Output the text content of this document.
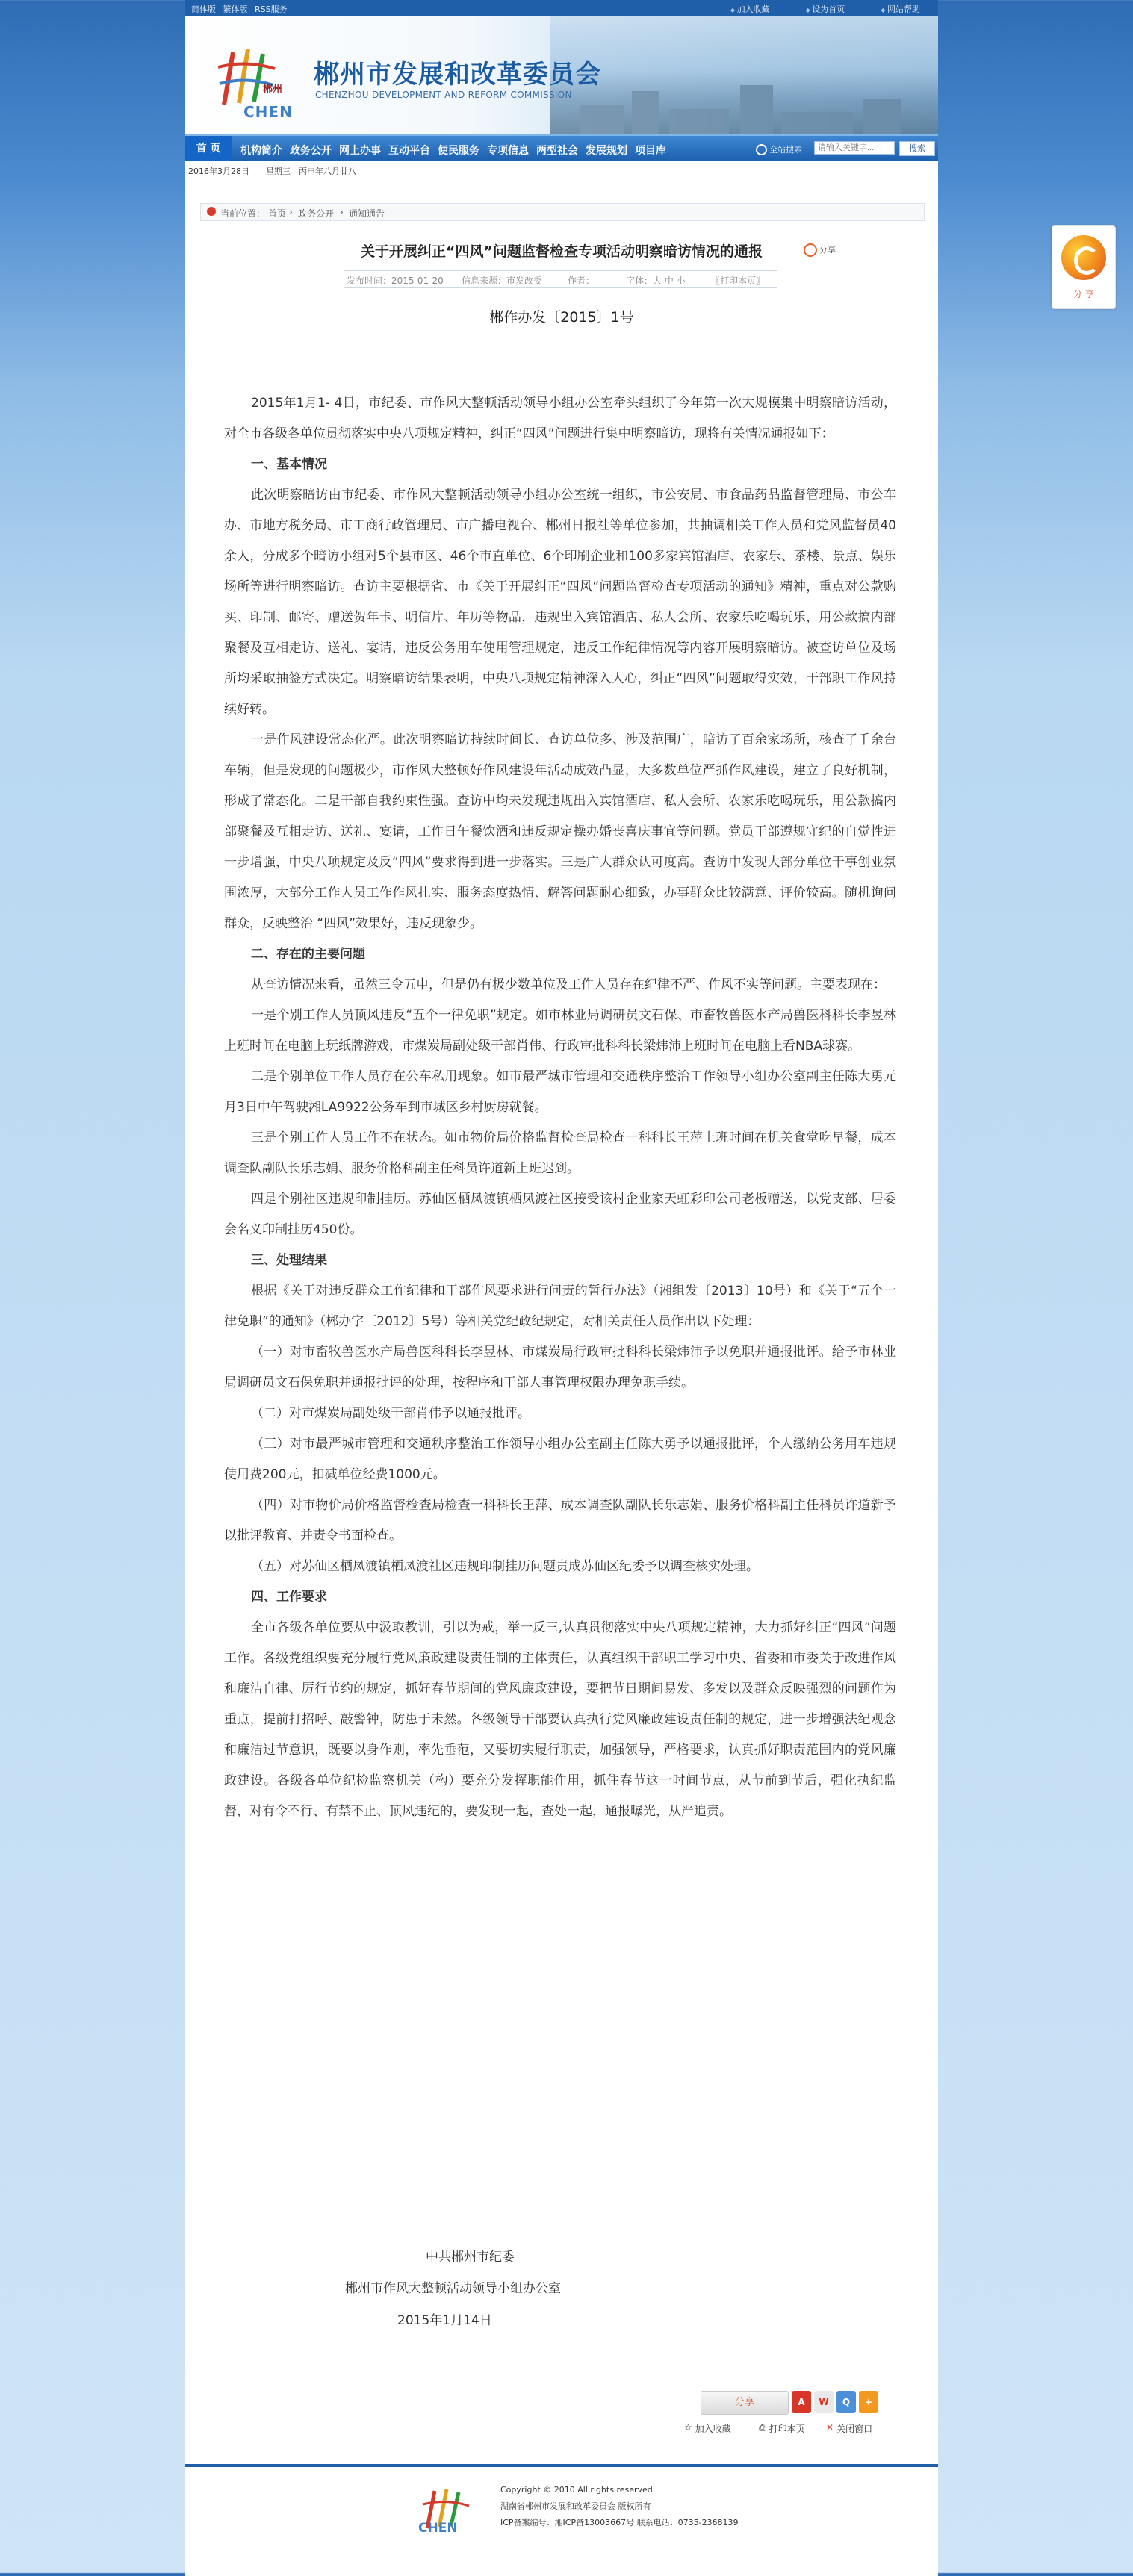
简体版 繁体版 RSS服务	◆ 加入收藏	◆ 设为首页	◆ 网站帮助
郴州
CHEN
郴州市发展和改革委员会
CHENZHOU DEVELOPMENT AND REFORM COMMISSION
首 页	机构简介 政务公开 网上办事 互动平台 便民服务 专项信息 两型社会 发展规划 项目库	全站搜索
请输入关键字...	搜索
2016年3月28日 星期三 丙申年八月廿八
当前位置： 首页 › 政务公开 › 通知通告
关于开展纠正“四风”问题监督检查专项活动明察暗访情况的通报	分享
发布时间：2015-01-20 信息来源：市发改委	作者：	字体：大 中 小	〖打印本页〗
郴作办发〔2015〕1号

2015年1月1- 4日，市纪委、市作风大整顿活动领导小组办公室牵头组织了今年第一次大规模集中明察暗访活动，对全市各级各单位贯彻落实中央八项规定精神，纠正“四风”问题进行集中明察暗访，现将有关情况通报如下：

一、基本情况

此次明察暗访由市纪委、市作风大整顿活动领导小组办公室统一组织，市公安局、市食品药品监督管理局、市公车办、市地方税务局、市工商行政管理局、市广播电视台、郴州日报社等单位参加，共抽调相关工作人员和党风监督员40余人，分成多个暗访小组对5个县市区、46个市直单位、6个印刷企业和100多家宾馆酒店、农家乐、茶楼、景点、娱乐场所等进行明察暗访。查访主要根据省、市《关于开展纠正“四风”问题监督检查专项活动的通知》精神，重点对公款购买、印制、邮寄、赠送贺年卡、明信片、年历等物品，违规出入宾馆酒店、私人会所、农家乐吃喝玩乐，用公款搞内部聚餐及互相走访、送礼、宴请，违反公务用车使用管理规定，违反工作纪律情况等内容开展明察暗访。被查访单位及场所均采取抽签方式决定。明察暗访结果表明，中央八项规定精神深入人心，纠正“四风”问题取得实效，干部职工作风持续好转。

一是作风建设常态化严。此次明察暗访持续时间长、查访单位多、涉及范围广，暗访了百余家场所，核查了千余台车辆，但是发现的问题极少，市作风大整顿好作风建设年活动成效凸显，大多数单位严抓作风建设，建立了良好机制，形成了常态化。二是干部自我约束性强。查访中均未发现违规出入宾馆酒店、私人会所、农家乐吃喝玩乐，用公款搞内部聚餐及互相走访、送礼、宴请，工作日午餐饮酒和违反规定操办婚丧喜庆事宜等问题。党员干部遵规守纪的自觉性进一步增强，中央八项规定及反“四风”要求得到进一步落实。三是广大群众认可度高。查访中发现大部分单位干事创业氛围浓厚，大部分工作人员工作作风扎实、服务态度热情、解答问题耐心细致，办事群众比较满意、评价较高。随机询问群众，反映整治 “四风”效果好，违反现象少。

二、存在的主要问题

从查访情况来看，虽然三令五申，但是仍有极少数单位及工作人员存在纪律不严、作风不实等问题。主要表现在：

一是个别工作人员顶风违反“五个一律免职”规定。如市林业局调研员文石保、市畜牧兽医水产局兽医科科长李昱林上班时间在电脑上玩纸牌游戏，市煤炭局副处级干部肖伟、行政审批科科长梁炜沛上班时间在电脑上看NBA球赛。

二是个别单位工作人员存在公车私用现象。如市最严城市管理和交通秩序整治工作领导小组办公室副主任陈大勇元月3日中午驾驶湘LA9922公务车到市城区乡村厨房就餐。

三是个别工作人员工作不在状态。如市物价局价格监督检查局检查一科科长王萍上班时间在机关食堂吃早餐，成本调查队副队长乐志娟、服务价格科副主任科员许道新上班迟到。

四是个别社区违规印制挂历。苏仙区栖凤渡镇栖凤渡社区接受该村企业家天虹彩印公司老板赠送，以党支部、居委会名义印制挂历450份。

三、处理结果

根据《关于对违反群众工作纪律和干部作风要求进行问责的暂行办法》（湘组发〔2013〕10号）和《关于“五个一律免职”的通知》（郴办字〔2012〕5号）等相关党纪政纪规定，对相关责任人员作出以下处理：

（一）对市畜牧兽医水产局兽医科科长李昱林、市煤炭局行政审批科科长梁炜沛予以免职并通报批评。给予市林业局调研员文石保免职并通报批评的处理，按程序和干部人事管理权限办理免职手续。

（二）对市煤炭局副处级干部肖伟予以通报批评。

（三）对市最严城市管理和交通秩序整治工作领导小组办公室副主任陈大勇予以通报批评，个人缴纳公务用车违规使用费200元，扣减单位经费1000元。

（四）对市物价局价格监督检查局检查一科科长王萍、成本调查队副队长乐志娟、服务价格科副主任科员许道新予以批评教育、并责令书面检查。

（五）对苏仙区栖凤渡镇栖凤渡社区违规印制挂历问题责成苏仙区纪委予以调查核实处理。

四、工作要求

全市各级各单位要从中汲取教训，引以为戒，举一反三,认真贯彻落实中央八项规定精神，大力抓好纠正“四风”问题工作。各级党组织要充分履行党风廉政建设责任制的主体责任，认真组织干部职工学习中央、省委和市委关于改进作风和廉洁自律、厉行节约的规定，抓好春节期间的党风廉政建设，要把节日期间易发、多发以及群众反映强烈的问题作为重点，提前打招呼、敲警钟，防患于未然。各级领导干部要认真执行党风廉政建设责任制的规定，进一步增强法纪观念和廉洁过节意识，既要以身作则，率先垂范，又要切实履行职责，加强领导，严格要求，认真抓好职责范围内的党风廉政建设。各级各单位纪检监察机关（构）要充分发挥职能作用，抓住春节这一时间节点，从节前到节后，强化执纪监督，对有令不行、有禁不止、顶风违纪的，要发现一起，查处一起，通报曝光，从严追责。

中共郴州市纪委
郴州市作风大整顿活动领导小组办公室
2015年1月14日
分享	A	W	Q	+
☆ 加入收藏	⎙ 打印本页 ✕ 关闭窗口
CHEN
Copyright © 2010 All rights reserved
湖南省郴州市发展和改革委员会 版权所有
ICP备案编号：湘ICP备13003667号 联系电话：0735-2368139
分 享
